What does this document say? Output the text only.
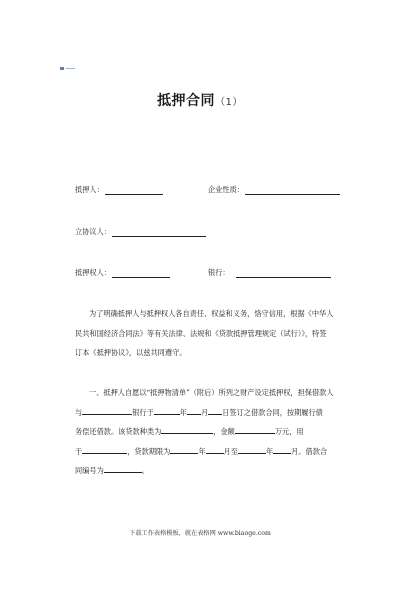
抵押合同（1）
抵押人：	企业性质：
立协议人：
抵押权人：	银行：
为了明确抵押人与抵押权人各自责任、权益和义务，恪守信用，根据《中华人
民共和国经济合同法》等有关法律、法规和《贷款抵押管理规定（试行）》，特签
订本《抵押协议》，以兹共同遵守。
一、抵押人自愿以“抵押物清单”（附后）所列之财产设定抵押权，担保借款人
与	银行于	年 月 日签订之借款合同，按期履行债
务偿还借款。该贷款种类为	，金额	万元，用
于	，贷款期限为	年	月至	年	月。借款合
同编号为	。
下载工作表格模板，就在表格网 www.biaoge.com
